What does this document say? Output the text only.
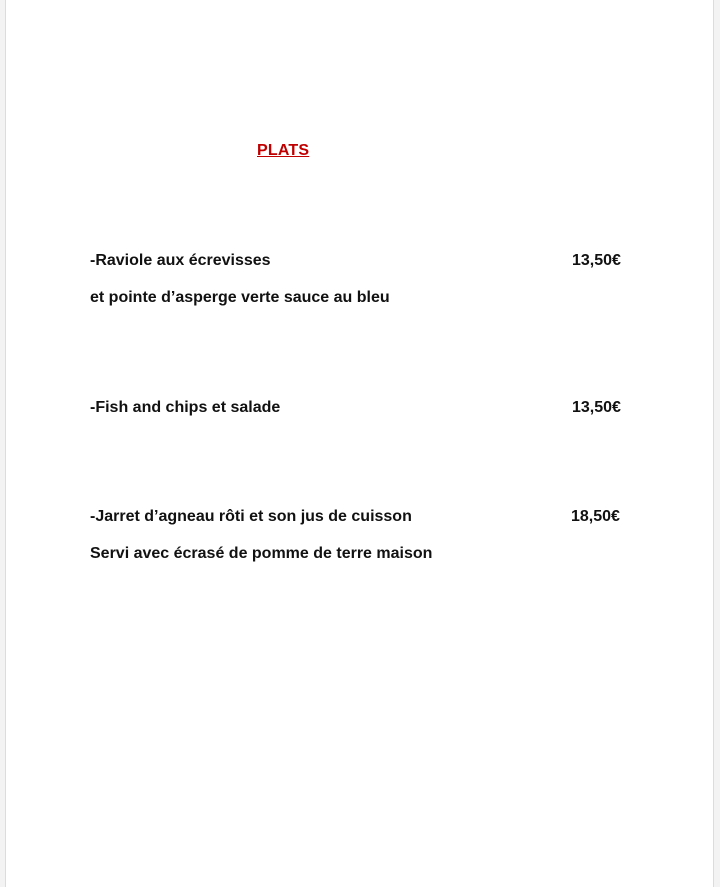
PLATS
-Raviole aux écrevisses	13,50€
et pointe d’asperge verte sauce au bleu
-Fish and chips et salade	13,50€
-Jarret d’agneau rôti et son jus de cuisson	18,50€
Servi avec écrasé de pomme de terre maison
